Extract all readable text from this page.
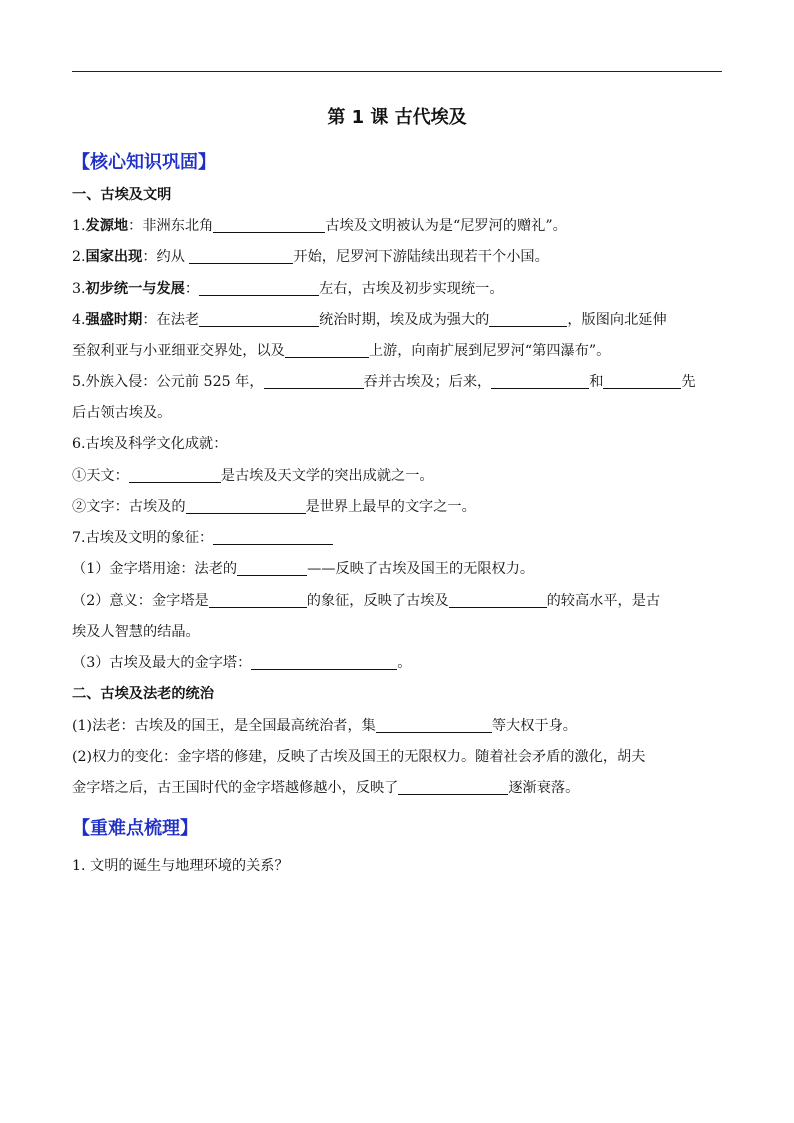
第 1 课 古代埃及
【核心知识巩固】
一、古埃及文明
1.发源地：非洲东北角	古埃及文明被认为是“尼罗河的赠礼”。
2.国家出现：约从	开始，尼罗河下游陆续出现若干个小国。
3.初步统一与发展：	左右，古埃及初步实现统一。
4.强盛时期：在法老	统治时期，埃及成为强大的	，版图向北延伸
至叙利亚与小亚细亚交界处，以及	上游，向南扩展到尼罗河“第四瀑布”。
5.外族入侵：公元前 525 年，	吞并古埃及；后来，	和	先
后占领古埃及。
6.古埃及科学文化成就：
①天文：	是古埃及天文学的突出成就之一。
②文字：古埃及的	是世界上最早的文字之一。
7.古埃及文明的象征：
（1）金字塔用途：法老的	——反映了古埃及国王的无限权力。
（2）意义：金字塔是	的象征，反映了古埃及	的较高水平，是古
埃及人智慧的结晶。
（3）古埃及最大的金字塔：	。
二、古埃及法老的统治
(1)法老：古埃及的国王，是全国最高统治者，集	等大权于身。
(2)权力的变化：金字塔的修建，反映了古埃及国王的无限权力。随着社会矛盾的激化，胡夫
金字塔之后，古王国时代的金字塔越修越小，反映了	逐渐衰落。
【重难点梳理】
1. 文明的诞生与地理环境的关系？
